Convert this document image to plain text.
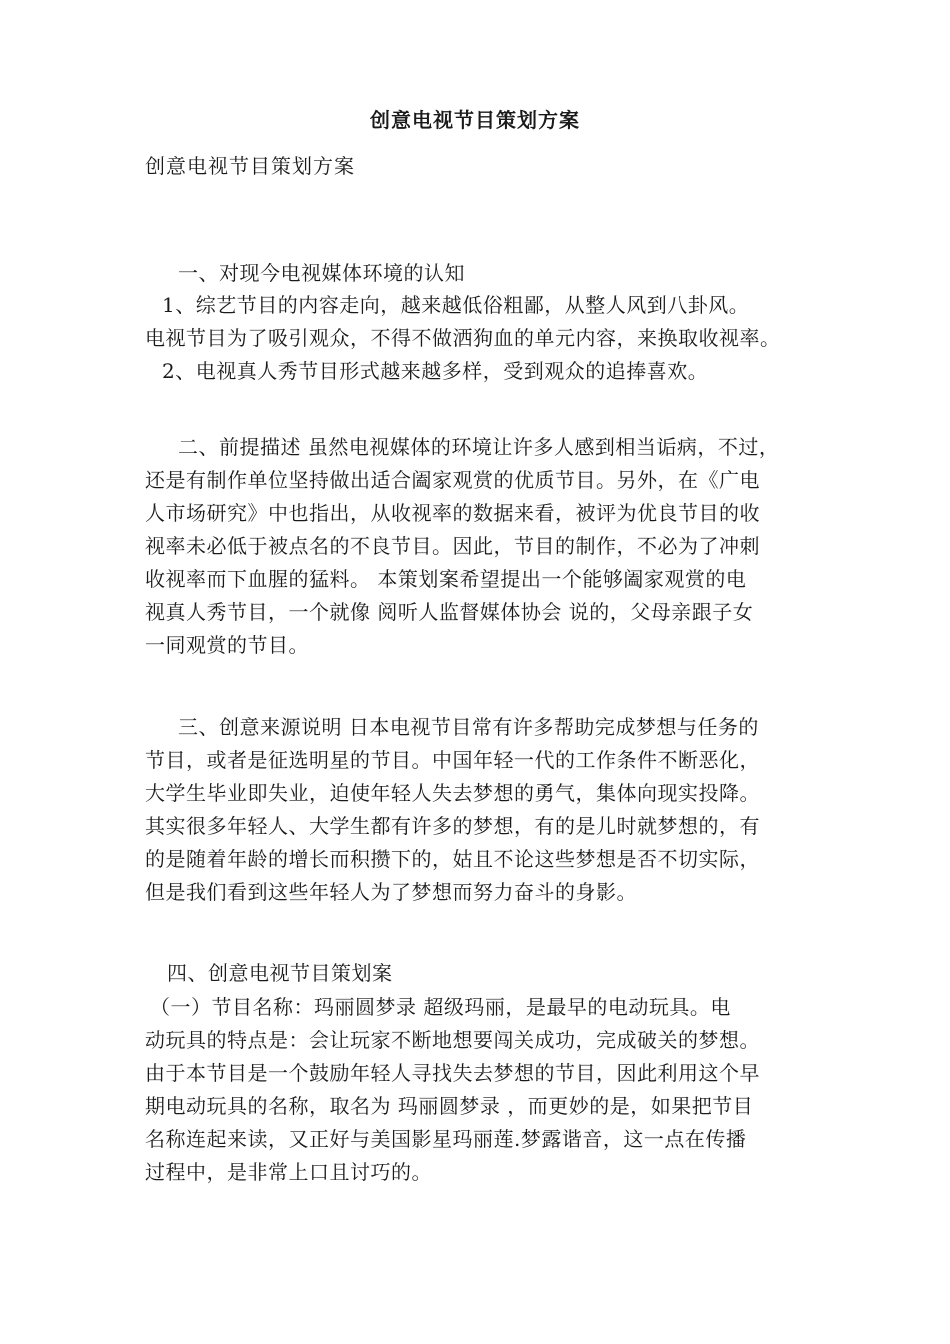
创意电视节目策划方案
创意电视节目策划方案
一、对现今电视媒体环境的认知
1、综艺节目的内容走向，越来越低俗粗鄙，从整人风到八卦风。
电视节目为了吸引观众，不得不做洒狗血的单元内容，来换取收视率。
2、电视真人秀节目形式越来越多样，受到观众的追捧喜欢。
二、前提描述 虽然电视媒体的环境让许多人感到相当诟病，不过，
还是有制作单位坚持做出适合阖家观赏的优质节目。另外，在《广电
人市场研究》中也指出，从收视率的数据来看，被评为优良节目的收
视率未必低于被点名的不良节目。因此，节目的制作，不必为了冲刺
收视率而下血腥的猛料。 本策划案希望提出一个能够阖家观赏的电
视真人秀节目，一个就像 阅听人监督媒体协会 说的，父母亲跟子女
一同观赏的节目。
三、创意来源说明 日本电视节目常有许多帮助完成梦想与任务的
节目，或者是征选明星的节目。中国年轻一代的工作条件不断恶化，
大学生毕业即失业，迫使年轻人失去梦想的勇气，集体向现实投降。
其实很多年轻人、大学生都有许多的梦想，有的是儿时就梦想的，有
的是随着年龄的增长而积攒下的，姑且不论这些梦想是否不切实际，
但是我们看到这些年轻人为了梦想而努力奋斗的身影。
四、创意电视节目策划案
（一）节目名称：玛丽圆梦录 超级玛丽，是最早的电动玩具。电
动玩具的特点是：会让玩家不断地想要闯关成功，完成破关的梦想。
由于本节目是一个鼓励年轻人寻找失去梦想的节目，因此利用这个早
期电动玩具的名称，取名为 玛丽圆梦录 ，而更妙的是，如果把节目
名称连起来读，又正好与美国影星玛丽莲.梦露谐音，这一点在传播
过程中，是非常上口且讨巧的。
